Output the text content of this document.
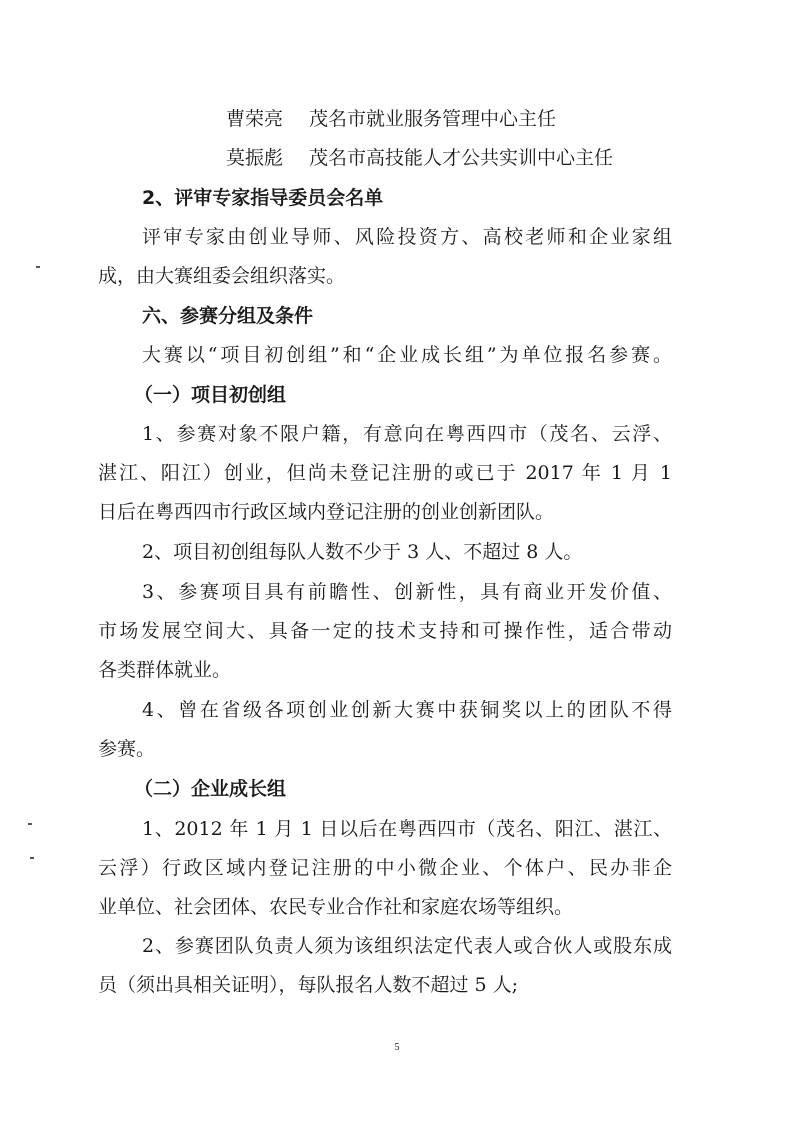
曹荣亮 茂名市就业服务管理中心主任
莫振彪 茂名市高技能人才公共实训中心主任
2、评审专家指导委员会名单
评审专家由创业导师、风险投资方、高校老师和企业家组
成，由大赛组委会组织落实。
六、参赛分组及条件
大赛以“项目初创组”和“企业成长组”为单位报名参赛。
（一）项目初创组
1、参赛对象不限户籍，有意向在粤西四市（茂名、云浮、
湛江、阳江）创业，但尚未登记注册的或已于 2017 年 1 月 1
日后在粤西四市行政区域内登记注册的创业创新团队。
2、项目初创组每队人数不少于 3 人、不超过 8 人。
3、参赛项目具有前瞻性、创新性，具有商业开发价值、
市场发展空间大、具备一定的技术支持和可操作性，适合带动
各类群体就业。
4、曾在省级各项创业创新大赛中获铜奖以上的团队不得
参赛。
（二）企业成长组
1、2012 年 1 月 1 日以后在粤西四市（茂名、阳江、湛江、
云浮）行政区域内登记注册的中小微企业、个体户、民办非企
业单位、社会团体、农民专业合作社和家庭农场等组织。
2、参赛团队负责人须为该组织法定代表人或合伙人或股东成
员（须出具相关证明），每队报名人数不超过 5 人;
5
